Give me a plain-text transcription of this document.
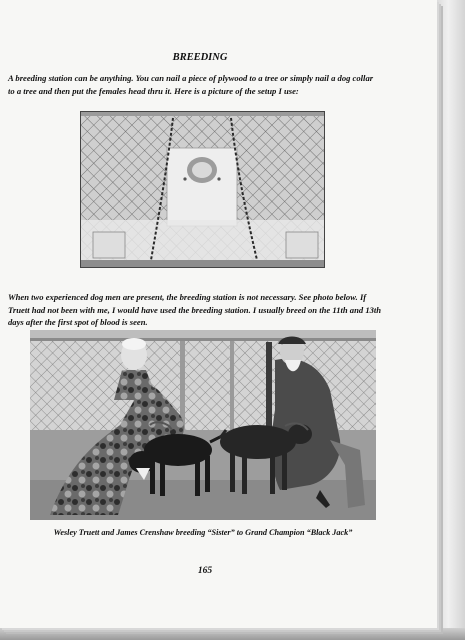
BREEDING
A breeding station can be anything. You can nail a piece of plywood to a tree or simply nail a dog collar
to a tree and then put the females head thru it. Here is a picture of the setup I use:
When two experienced dog men are present, the breeding station is not necessary. See photo below. If
Truett had not been with me, I would have used the breeding station. I usually breed on the 11th and 13th
days after the first spot of blood is seen.
Wesley Truett and James Crenshaw breeding “Sister” to Grand Champion “Black Jack”
165
